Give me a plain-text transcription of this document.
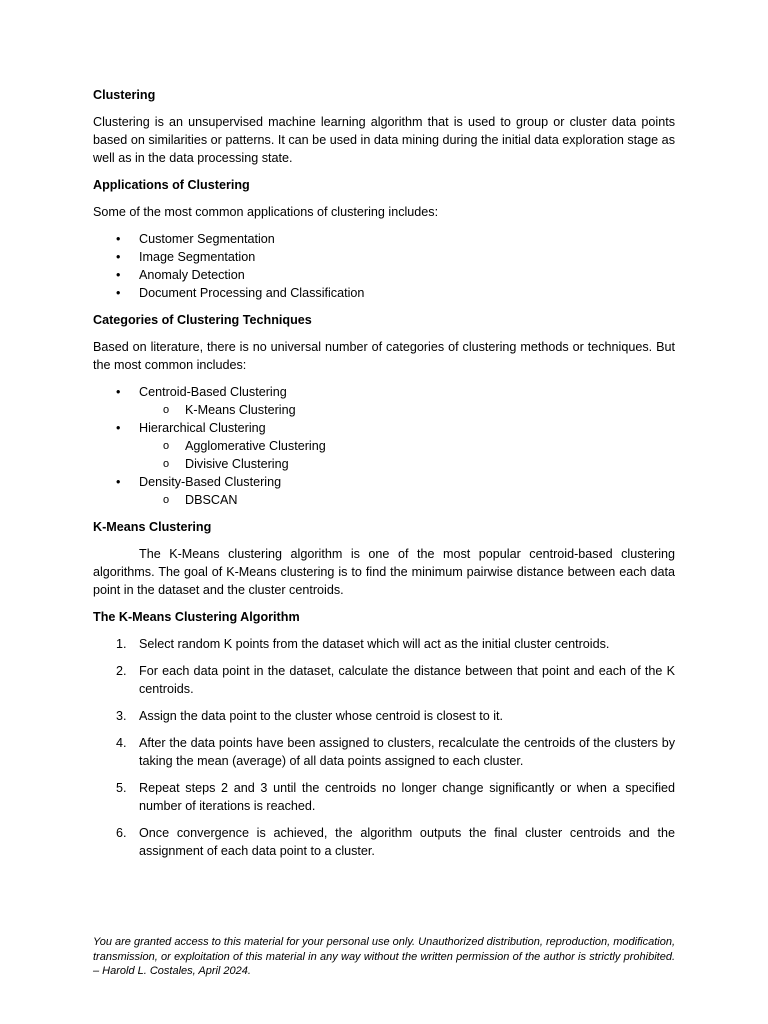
Clustering

Clustering is an unsupervised machine learning algorithm that is used to group or cluster data points based on similarities or patterns. It can be used in data mining during the initial data exploration stage as well as in the data processing state.

Applications of Clustering

Some of the most common applications of clustering includes:

• Customer Segmentation
• Image Segmentation
• Anomaly Detection
• Document Processing and Classification
Categories of Clustering Techniques

Based on literature, there is no universal number of categories of clustering methods or techniques. But the most common includes:

• Centroid-Based Clustering
o K-Means Clustering
• Hierarchical Clustering
o Agglomerative Clustering
o Divisive Clustering
• Density-Based Clustering
o DBSCAN
K-Means Clustering

The K-Means clustering algorithm is one of the most popular centroid-based clustering algorithms. The goal of K-Means clustering is to find the minimum pairwise distance between each data point in the dataset and the cluster centroids.

The K-Means Clustering Algorithm
1. Select random K points from the dataset which will act as the initial cluster centroids.
2. For each data point in the dataset, calculate the distance between that point and each of the K centroids.
3. Assign the data point to the cluster whose centroid is closest to it.
4. After the data points have been assigned to clusters, recalculate the centroids of the clusters by taking the mean (average) of all data points assigned to each cluster.
5. Repeat steps 2 and 3 until the centroids no longer change significantly or when a specified number of iterations is reached.
6. Once convergence is achieved, the algorithm outputs the final cluster centroids and the assignment of each data point to a cluster.
You are granted access to this material for your personal use only. Unauthorized distribution, reproduction, modification, transmission, or exploitation of this material in any way without the written permission of the author is strictly prohibited. – Harold L. Costales, April 2024.
